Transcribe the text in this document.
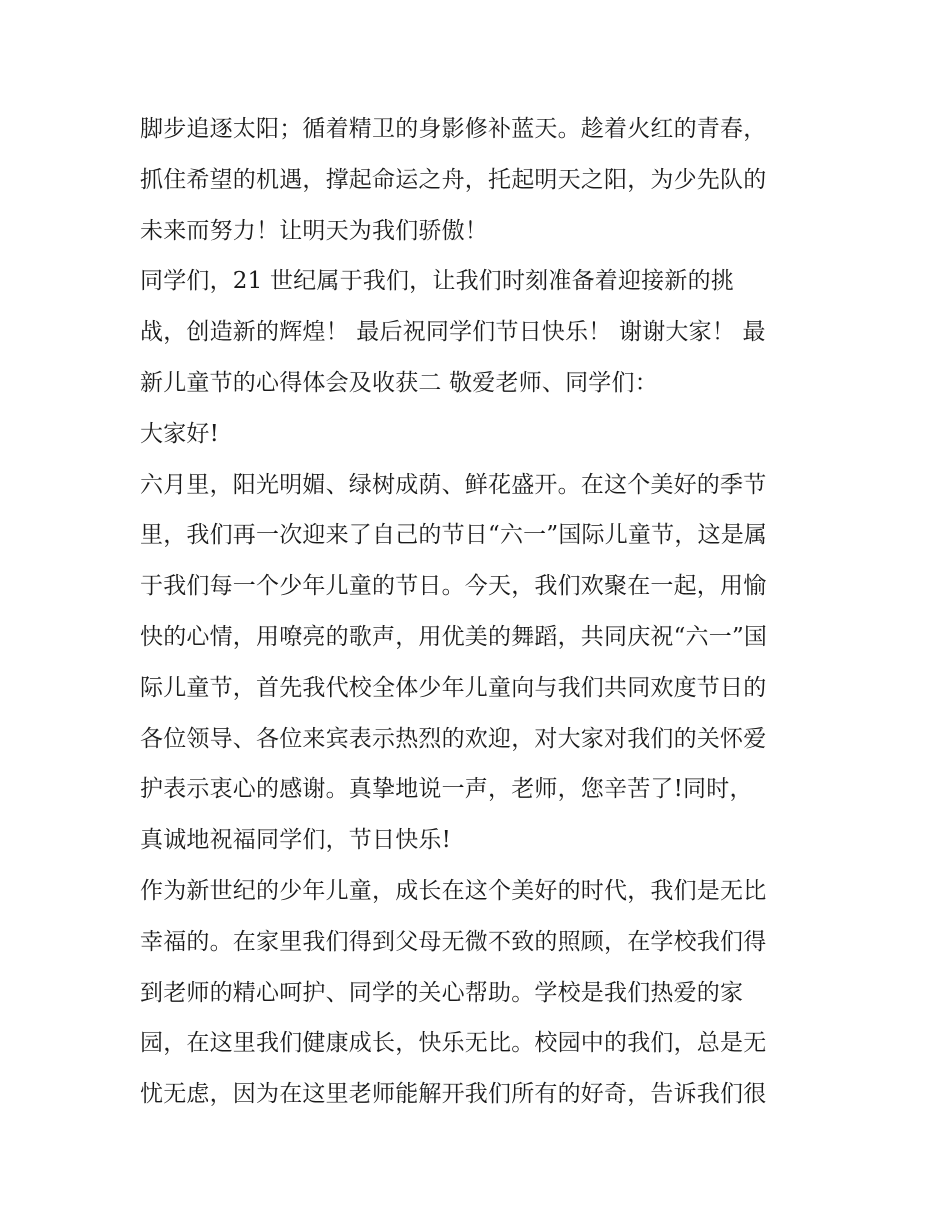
脚步追逐太阳；循着精卫的身影修补蓝天。趁着火红的青春，
抓住希望的机遇，撑起命运之舟，托起明天之阳，为少先队的
未来而努力！让明天为我们骄傲！
同学们，21 世纪属于我们，让我们时刻准备着迎接新的挑
战，创造新的辉煌！ 最后祝同学们节日快乐！ 谢谢大家！ 最
新儿童节的心得体会及收获二 敬爱老师、同学们：
大家好!
六月里，阳光明媚、绿树成荫、鲜花盛开。在这个美好的季节
里，我们再一次迎来了自己的节日“六一”国际儿童节，这是属
于我们每一个少年儿童的节日。今天，我们欢聚在一起，用愉
快的心情，用嘹亮的歌声，用优美的舞蹈，共同庆祝“六一”国
际儿童节，首先我代校全体少年儿童向与我们共同欢度节日的
各位领导、各位来宾表示热烈的欢迎，对大家对我们的关怀爱
护表示衷心的感谢。真挚地说一声，老师，您辛苦了!同时，
真诚地祝福同学们，节日快乐!
作为新世纪的少年儿童，成长在这个美好的时代，我们是无比
幸福的。在家里我们得到父母无微不致的照顾，在学校我们得
到老师的精心呵护、同学的关心帮助。学校是我们热爱的家
园，在这里我们健康成长，快乐无比。校园中的我们，总是无
忧无虑，因为在这里老师能解开我们所有的好奇，告诉我们很
